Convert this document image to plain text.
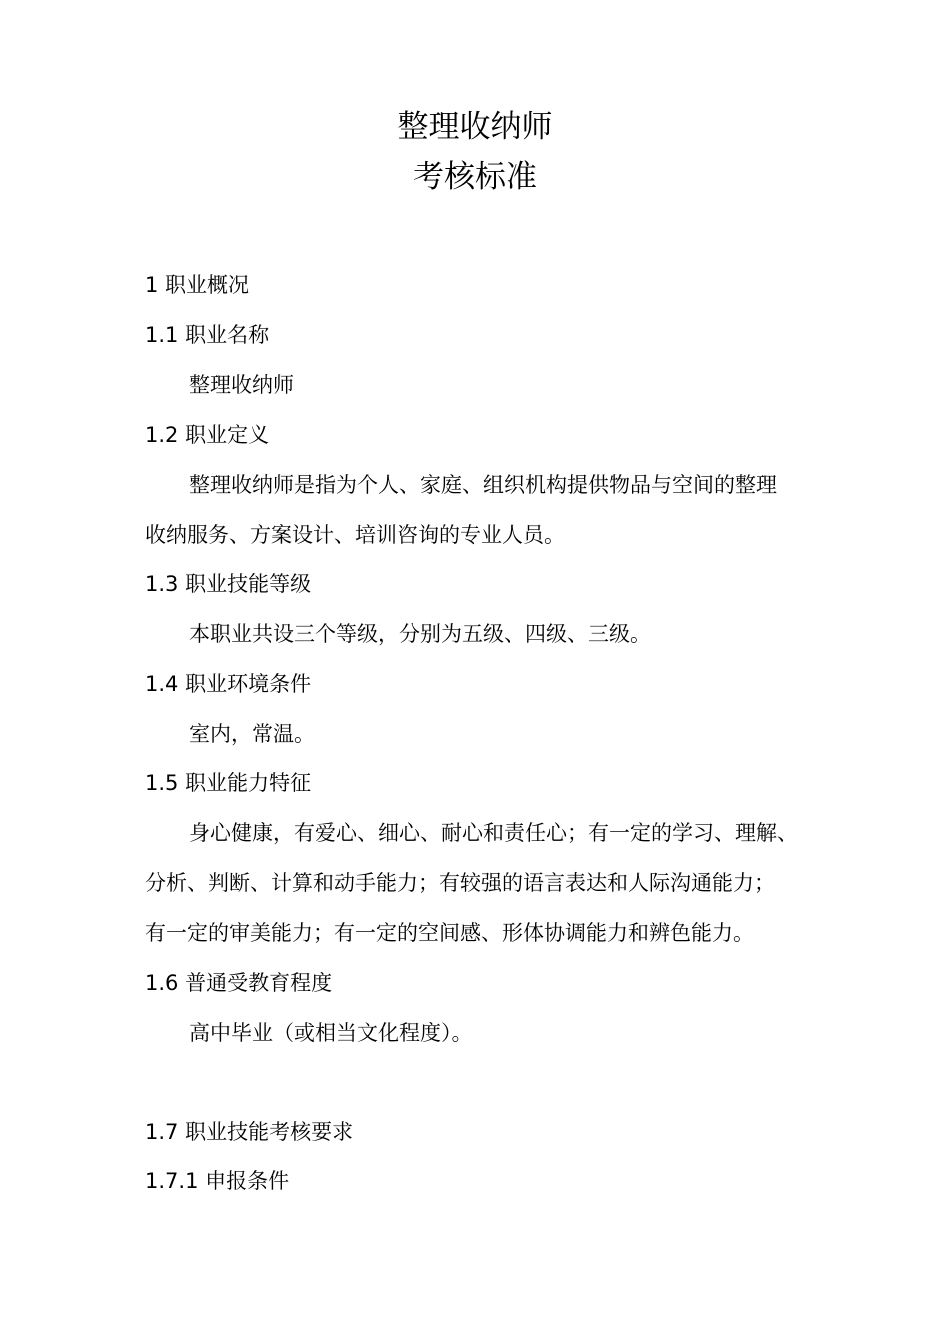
整理收纳师
考核标准
1 职业概况
1.1 职业名称
整理收纳师
1.2 职业定义
整理收纳师是指为个人、家庭、组织机构提供物品与空间的整理
收纳服务、方案设计、培训咨询的专业人员。
1.3 职业技能等级
本职业共设三个等级，分别为五级、四级、三级。
1.4 职业环境条件
室内，常温。
1.5 职业能力特征
身心健康，有爱心、细心、耐心和责任心；有一定的学习、理解、
分析、判断、计算和动手能力；有较强的语言表达和人际沟通能力；
有一定的审美能力；有一定的空间感、形体协调能力和辨色能力。
1.6 普通受教育程度
高中毕业（或相当文化程度）。
1.7 职业技能考核要求
1.7.1 申报条件
